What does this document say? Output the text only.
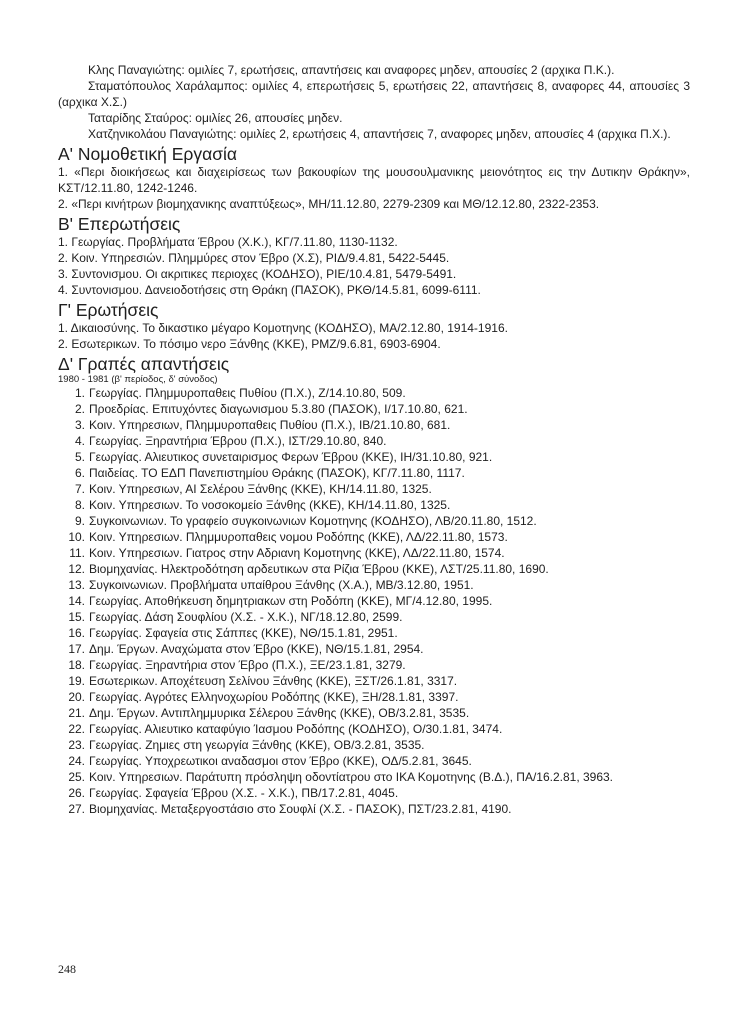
Κλης Παναγιώτης: ομιλίες 7, ερωτήσεις, απαντήσεις και αναφορες μηδεν, απουσίες 2 (αρχικα Π.Κ.).

Σταματόπουλος Χαράλαμπος: ομιλίες 4, επερωτήσεις 5, ερωτήσεις 22, απαντήσεις 8, αναφορες 44, απουσίες 3 (αρχικα Χ.Σ.)

Ταταρίδης Σταύρος: ομιλίες 26, απουσίες μηδεν.

Χατζηνικολάου Παναγιώτης: ομιλίες 2, ερωτήσεις 4, απαντήσεις 7, αναφορες μηδεν, απουσίες 4 (αρχικα Π.Χ.).

Α' Νομοθετική Εργασία

1. «Περι διοικήσεως και διαχειρίσεως των βακουφίων της μουσουλμανικης μειονότητος εις την Δυτικην Θράκην», ΚΣΤ/12.11.80, 1242-1246.

2. «Περι κινήτρων βιομηχανικης αναπτύξεως», ΜΗ/11.12.80, 2279-2309 και ΜΘ/12.12.80, 2322-2353.

Β' Επερωτήσεις

1. Γεωργίας. Προβλήματα Έβρου (Χ.Κ.), ΚΓ/7.11.80, 1130-1132.

2. Κοιν. Υπηρεσιών. Πλημμύρες στον Έβρο (Χ.Σ), ΡΙΔ/9.4.81, 5422-5445.

3. Συντονισμου. Οι ακριτικες περιοχες (ΚΟΔΗΣΟ), ΡΙΕ/10.4.81, 5479-5491.

4. Συντονισμου. Δανειοδοτήσεις στη Θράκη (ΠΑΣΟΚ), ΡΚΘ/14.5.81, 6099-6111.

Γ' Ερωτήσεις

1. Δικαιοσύνης. Το δικαστικο μέγαρο Κομοτηνης (ΚΟΔΗΣΟ), ΜΑ/2.12.80, 1914-1916.

2. Εσωτερικων. Το πόσιμο νερο Ξάνθης (ΚΚΕ), ΡΜΖ/9.6.81, 6903-6904.

Δ' Γραπές απαντήσεις

1980 - 1981 (β' περίοδος, δ' σύνοδος)

1. Γεωργίας. Πλημμυροπαθεις Πυθίου (Π.Χ.), Ζ/14.10.80, 509.
2. Προεδρίας. Επιτυχόντες διαγωνισμου 5.3.80 (ΠΑΣΟΚ), Ι/17.10.80, 621.
3. Κοιν. Υπηρεσιων, Πλημμυροπαθεις Πυθίου (Π.Χ.), ΙΒ/21.10.80, 681.
4. Γεωργίας. Ξηραντήρια Έβρου (Π.Χ.), ΙΣΤ/29.10.80, 840.
5. Γεωργίας. Αλιευτικος συνεταιρισμος Φερων Έβρου (ΚΚΕ), ΙΗ/31.10.80, 921.
6. Παιδείας. ΤΟ ΕΔΠ Πανεπιστημίου Θράκης (ΠΑΣΟΚ), ΚΓ/7.11.80, 1117.
7. Κοιν. Υπηρεσιων, ΑΙ Σελέρου Ξάνθης (ΚΚΕ), ΚΗ/14.11.80, 1325.
8. Κοιν. Υπηρεσιων. Το νοσοκομείο Ξάνθης (ΚΚΕ), ΚΗ/14.11.80, 1325.
9. Συγκοινωνιων. Το γραφείο συγκοινωνιων Κομοτηνης (ΚΟΔΗΣΟ), ΛΒ/20.11.80, 1512.
10. Κοιν. Υπηρεσιων. Πλημμυροπαθεις νομου Ροδόπης (ΚΚΕ), ΛΔ/22.11.80, 1573.
11. Κοιν. Υπηρεσιων. Γιατρος στην Αδριανη Κομοτηνης (ΚΚΕ), ΛΔ/22.11.80, 1574.
12. Βιομηχανίας. Ηλεκτροδότηση αρδευτικων στα Ρίζια Έβρου (ΚΚΕ), ΛΣΤ/25.11.80, 1690.
13. Συγκοινωνιων. Προβλήματα υπαίθρου Ξάνθης (Χ.Α.), ΜΒ/3.12.80, 1951.
14. Γεωργίας. Αποθήκευση δημητριακων στη Ροδόπη (ΚΚΕ), ΜΓ/4.12.80, 1995.
15. Γεωργίας. Δάση Σουφλίου (Χ.Σ. - Χ.Κ.), ΝΓ/18.12.80, 2599.
16. Γεωργίας. Σφαγεία στις Σάππες (ΚΚΕ), ΝΘ/15.1.81, 2951.
17. Δημ. Έργων. Αναχώματα στον Έβρο (ΚΚΕ), ΝΘ/15.1.81, 2954.
18. Γεωργίας. Ξηραντήρια στον Έβρο (Π.Χ.), ΞΕ/23.1.81, 3279.
19. Εσωτερικων. Αποχέτευση Σελίνου Ξάνθης (ΚΚΕ), ΞΣΤ/26.1.81, 3317.
20. Γεωργίας. Αγρότες Ελληνοχωρίου Ροδόπης (ΚΚΕ), ΞΗ/28.1.81, 3397.
21. Δημ. Έργων. Αντιπλημμυρικα Σέλερου Ξάνθης (ΚΚΕ), ΟΒ/3.2.81, 3535.
22. Γεωργίας. Αλιευτικο καταφύγιο Ίασμου Ροδόπης (ΚΟΔΗΣΟ), Ο/30.1.81, 3474.
23. Γεωργίας. Ζημιες στη γεωργία Ξάνθης (ΚΚΕ), ΟΒ/3.2.81, 3535.
24. Γεωργίας. Υποχρεωτικοι αναδασμοι στον Έβρο (ΚΚΕ), ΟΔ/5.2.81, 3645.
25. Κοιν. Υπηρεσιων. Παράτυπη πρόσληψη οδοντίατρου στο ΙΚΑ Κομοτηνης (Β.Δ.), ΠΑ/16.2.81, 3963.
26. Γεωργίας. Σφαγεία Έβρου (Χ.Σ. - Χ.Κ.), ΠΒ/17.2.81, 4045.
27. Βιομηχανίας. Μεταξεργοστάσιο στο Σουφλί (Χ.Σ. - ΠΑΣΟΚ), ΠΣΤ/23.2.81, 4190.
248
